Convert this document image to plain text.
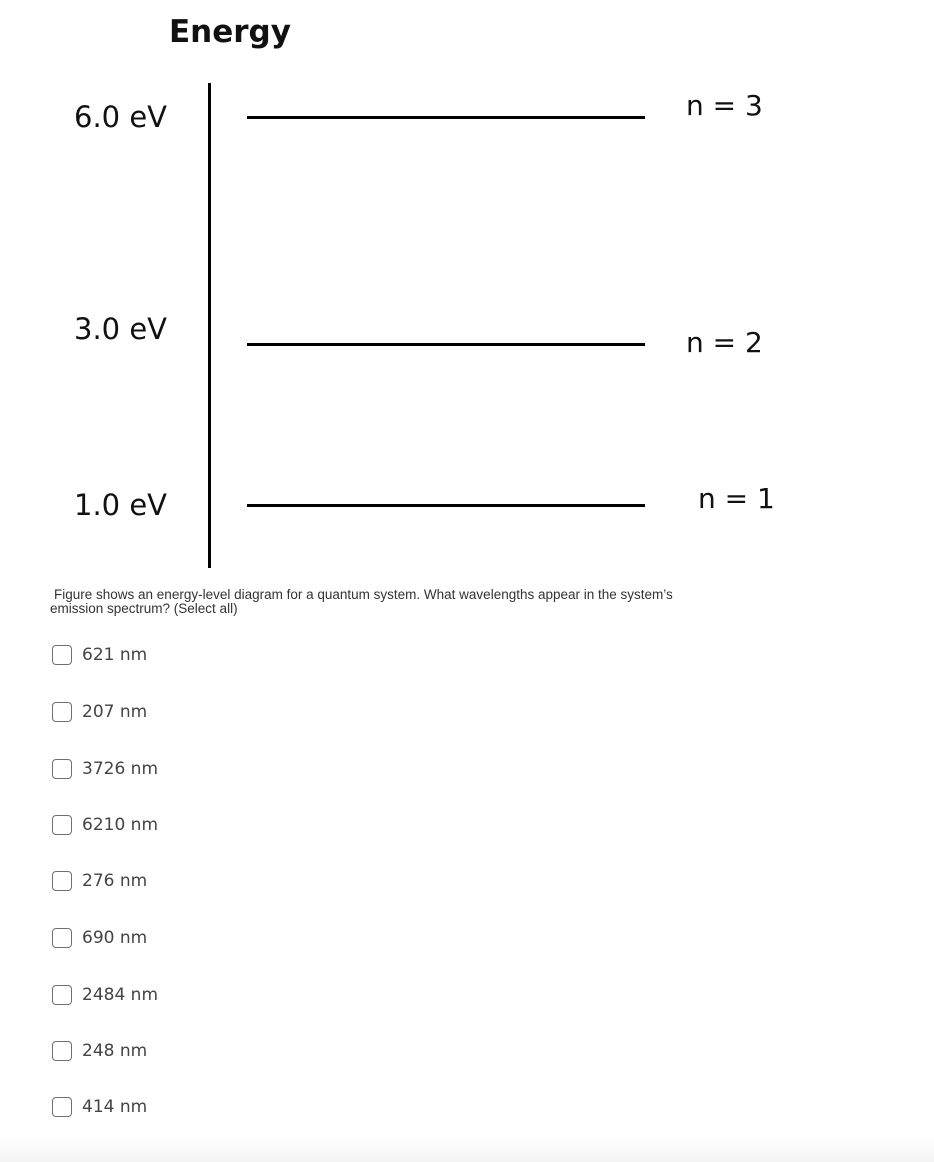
Energy
6.0 eV	n = 3
3.0 eV	n = 2
1.0 eV	n = 1
Figure shows an energy-level diagram for a quantum system. What wavelengths appear in the system’s
emission spectrum? (Select all)
621 nm
207 nm
3726 nm
6210 nm
276 nm
690 nm
2484 nm
248 nm
414 nm
